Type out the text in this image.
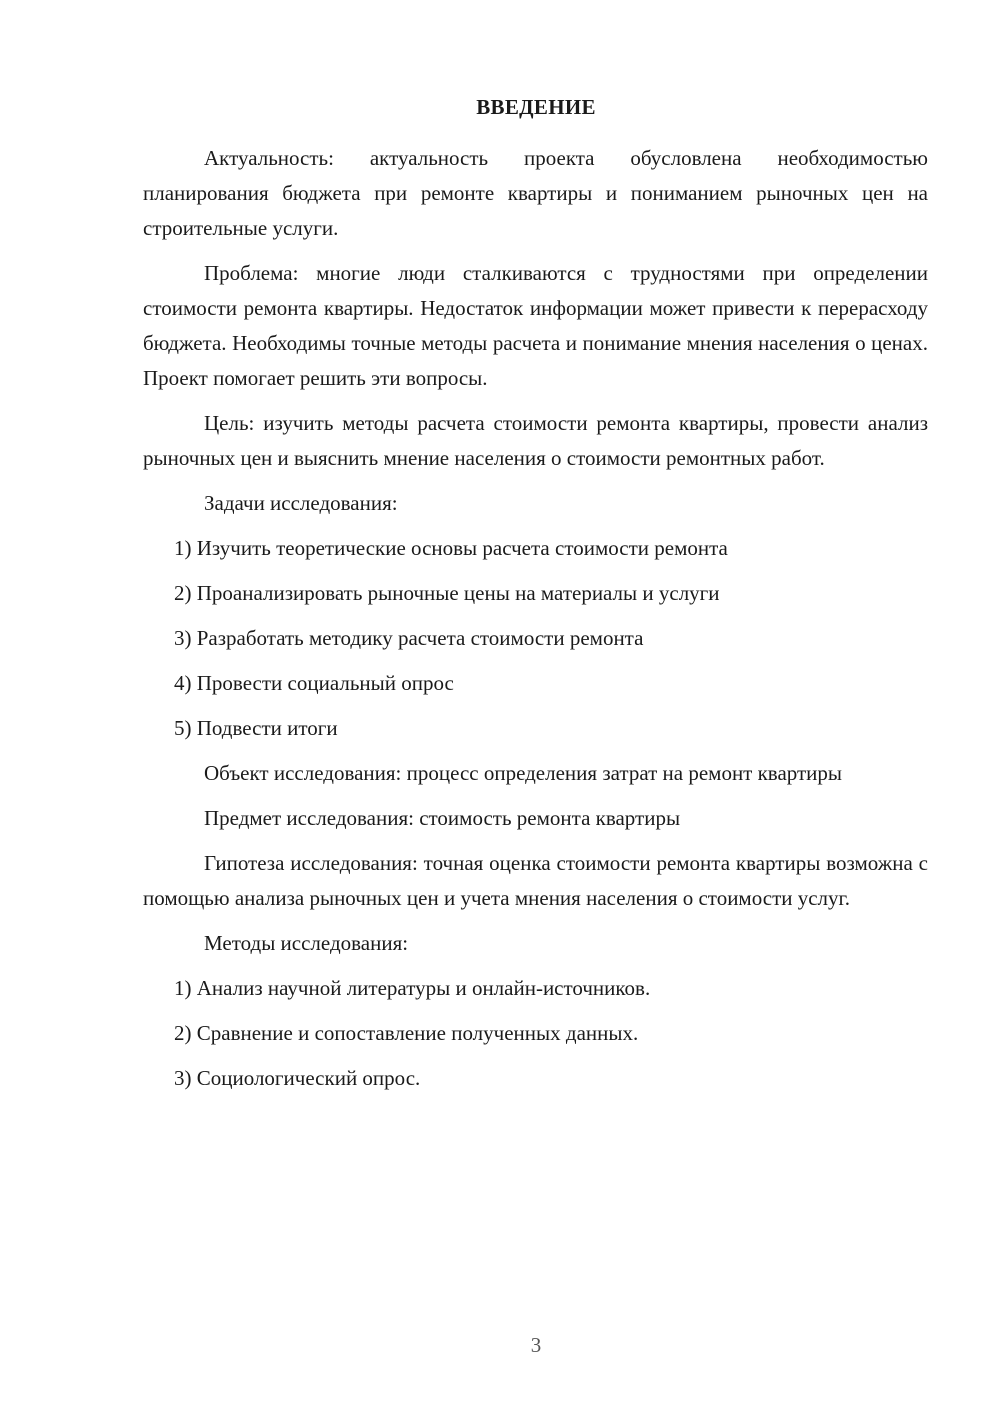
ВВЕДЕНИЕ

Актуальность: актуальность проекта обусловлена необходимостью планирования бюджета при ремонте квартиры и пониманием рыночных цен на строительные услуги.

Проблема: многие люди сталкиваются с трудностями при определении стоимости ремонта квартиры. Недостаток информации может привести к перерасходу бюджета. Необходимы точные методы расчета и понимание мнения населения о ценах. Проект помогает решить эти вопросы.

Цель: изучить методы расчета стоимости ремонта квартиры, провести анализ рыночных цен и выяснить мнение населения о стоимости ремонтных работ.

Задачи исследования:

1) Изучить теоретические основы расчета стоимости ремонта

2) Проанализировать рыночные цены на материалы и услуги

3) Разработать методику расчета стоимости ремонта

4) Провести социальный опрос

5) Подвести итоги

Объект исследования: процесс определения затрат на ремонт квартиры

Предмет исследования: стоимость ремонта квартиры

Гипотеза исследования: точная оценка стоимости ремонта квартиры возможна с помощью анализа рыночных цен и учета мнения населения о стоимости услуг.

Методы исследования:

1) Анализ научной литературы и онлайн-источников.

2) Сравнение и сопоставление полученных данных.

3) Социологический опрос.

3
